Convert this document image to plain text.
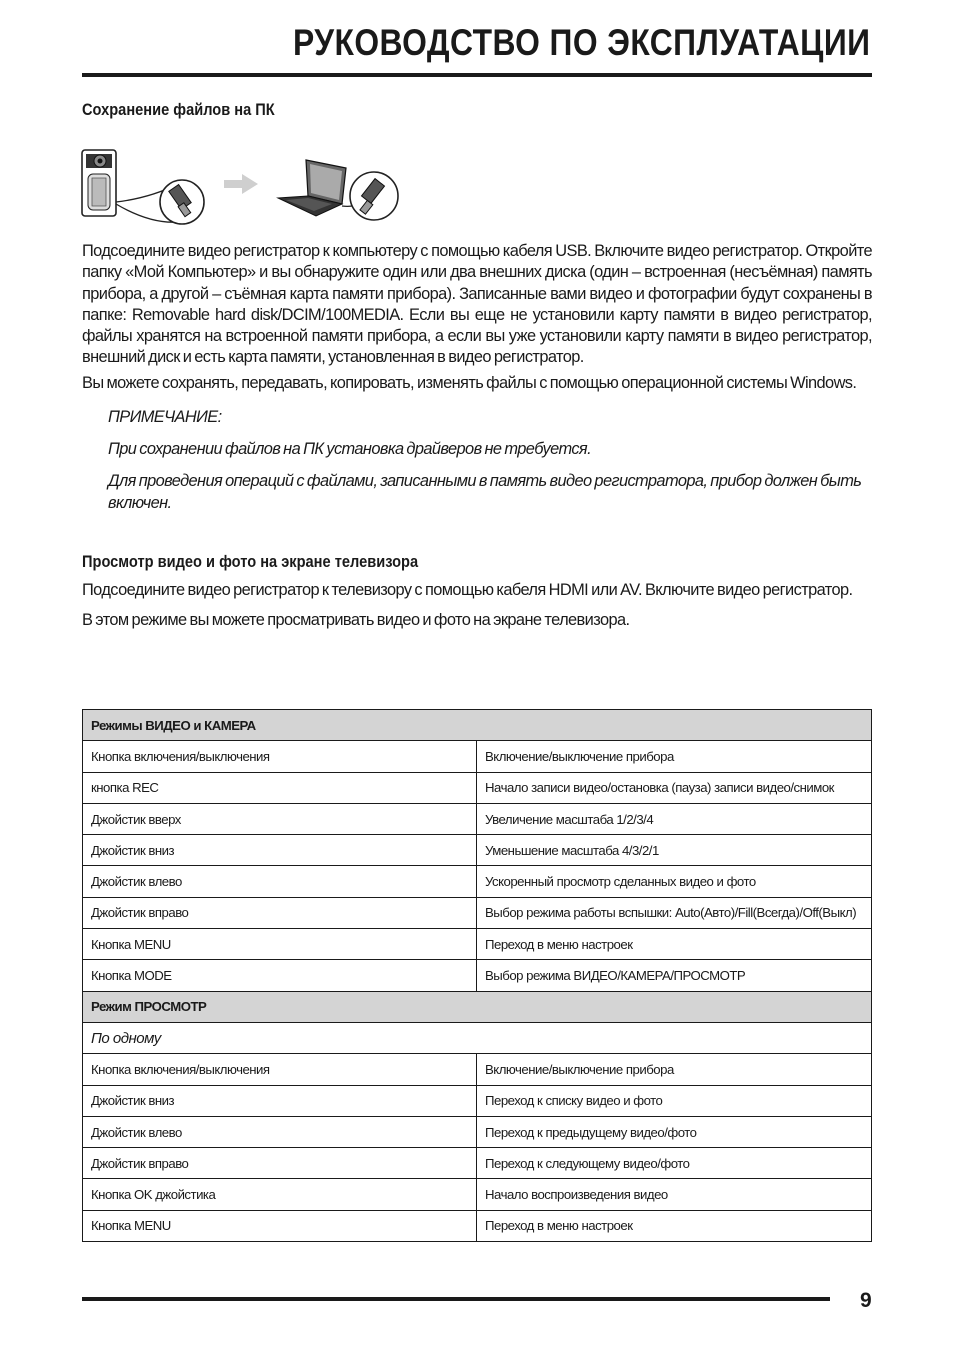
РУКОВОДСТВО ПО ЭКСПЛУАТАЦИИ
Сохранение файлов на ПК

Подсоедините видео регистратор к компьютеру с помощью кабеля USB. Включите видео регистратор. Откройте папку «Мой Компьютер» и вы обнаружите один или два внешних диска (один – встроенная (несъёмная) память прибора, а другой – съёмная карта памяти прибора). Записанные вами видео и фотографии будут сохранены в папке: Removable hard disk/DCIM/100MEDIA. Если вы еще не установили карту памяти в видео регистратор, файлы хранятся на встроенной памяти прибора, а если вы уже установили карту памяти в видео регистратор, внешний диск и есть карта памяти, установленная в видео регистратор.

Вы можете сохранять, передавать, копировать, изменять файлы с помощью операционной системы Windows.

ПРИМЕЧАНИЕ:

При сохранении файлов на ПК установка драйверов не требуется.

Для проведения операций с файлами, записанными в память видео регистратора, прибор должен быть включен.

Просмотр видео и фото на экране телевизора

Подсоедините видео регистратор к телевизору с помощью кабеля HDMI или AV. Включите видео регистратор.

В этом режиме вы можете просматривать видео и фото на экране телевизора.

Режимы ВИДЕО и КАМЕРА	
Кнопка включения/выключения	Включение/выключение прибора
кнопка REC	Начало записи видео/остановка (пауза) записи видео/снимок
Джойстик вверх	Увеличение масштаба 1/2/3/4
Джойстик вниз	Уменьшение масштаба 4/3/2/1
Джойстик влево	Ускоренный просмотр сделанных видео и фото
Джойстик вправо	Выбор режима работы вспышки: Auto(Авто)/Fill(Всегда)/Off(Выкл)
Кнопка MENU	Переход в меню настроек
Кнопка MODE	Выбор режима ВИДЕО/КАМЕРА/ПРОСМОТР
Режим ПРОСМОТР	
По одному	
Кнопка включения/выключения	Включение/выключение прибора
Джойстик вниз	Переход к списку видео и фото
Джойстик влево	Переход к предыдущему видео/фото
Джойстик вправо	Переход к следующему видео/фото
Кнопка OK джойстика	Начало воспроизведения видео
Кнопка MENU	Переход в меню настроек
9
